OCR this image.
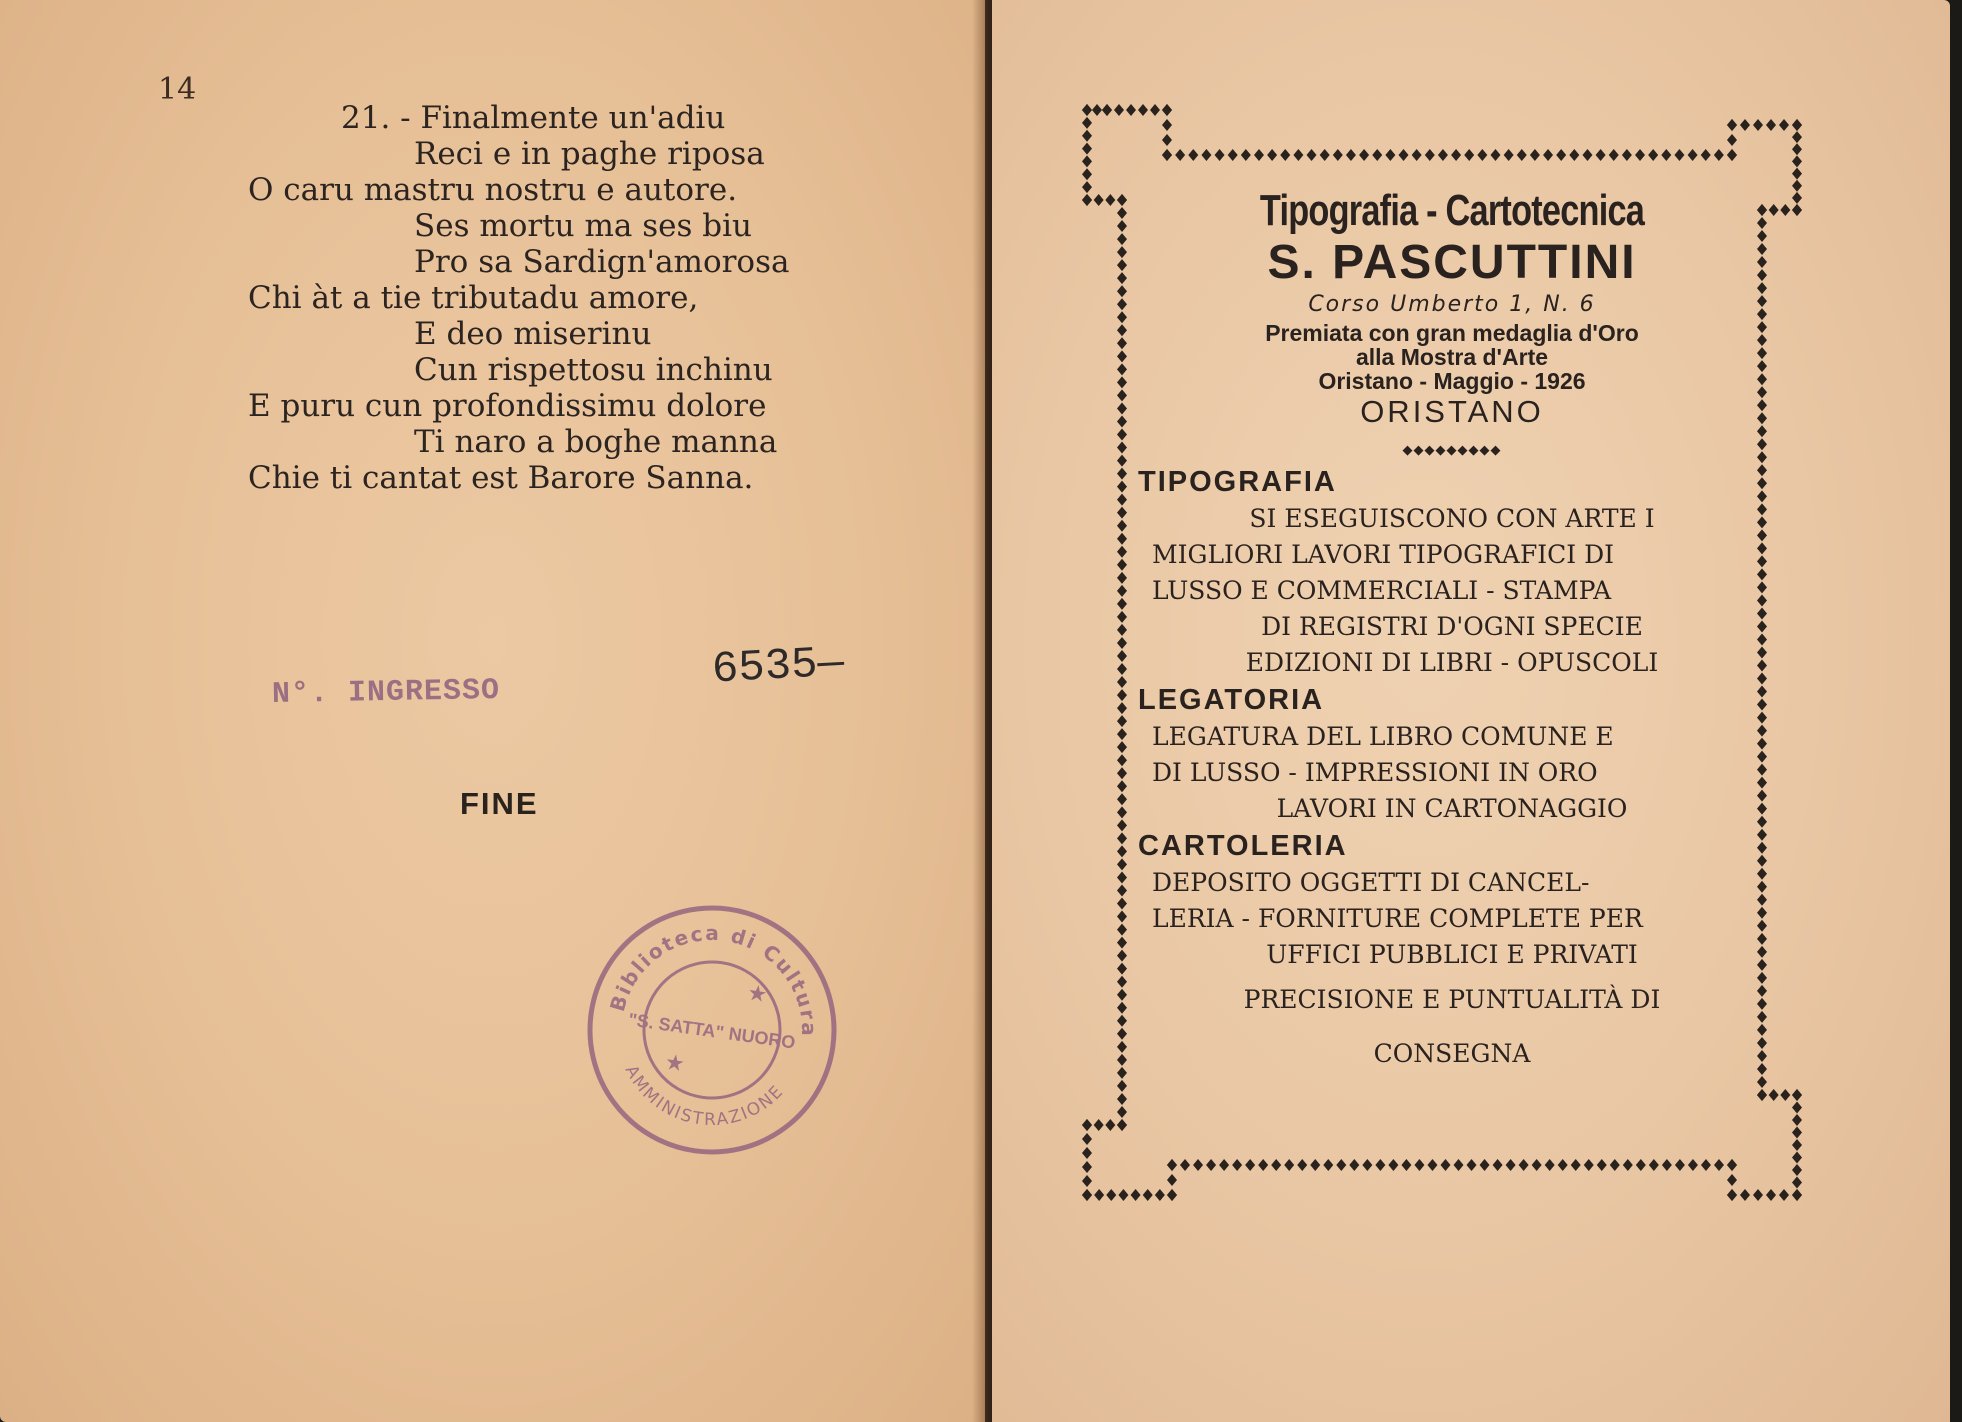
14
21. - Finalmente un'adiu
Reci e in paghe riposa
O caru mastru nostru e autore.
Ses mortu ma ses biu
Pro sa Sardign'amorosa
Chi àt a tie tributadu amore,
E deo miserinu
Cun rispettosu inchinu
E puru cun profondissimu dolore
Ti naro a boghe manna
Chie ti cantat est Barore Sanna.
N°. INGRESSO	6535—
FINE
Biblioteca di Cultura
AMMINISTRAZIONE
"S. SATTA" NUORO
★
★
Tipografia - Cartotecnica
S. PASCUTTINI
Corso Umberto 1, N. 6
Premiata con gran medaglia d'Oro
alla Mostra d'Arte
Oristano - Maggio - 1926
ORISTANO
◆◆◆◆◆◆◆◆◆
TIPOGRAFIA
SI ESEGUISCONO CON ARTE I
MIGLIORI LAVORI TIPOGRAFICI DI
LUSSO E COMMERCIALI - STAMPA
DI REGISTRI D'OGNI SPECIE
EDIZIONI DI LIBRI - OPUSCOLI
LEGATORIA
LEGATURA DEL LIBRO COMUNE E
DI LUSSO - IMPRESSIONI IN ORO
LAVORI IN CARTONAGGIO
CARTOLERIA
DEPOSITO OGGETTI DI CANCEL-
LERIA - FORNITURE COMPLETE PER
UFFICI PUBBLICI E PRIVATI
PRECISIONE E PUNTUALITÀ DI
CONSEGNA
